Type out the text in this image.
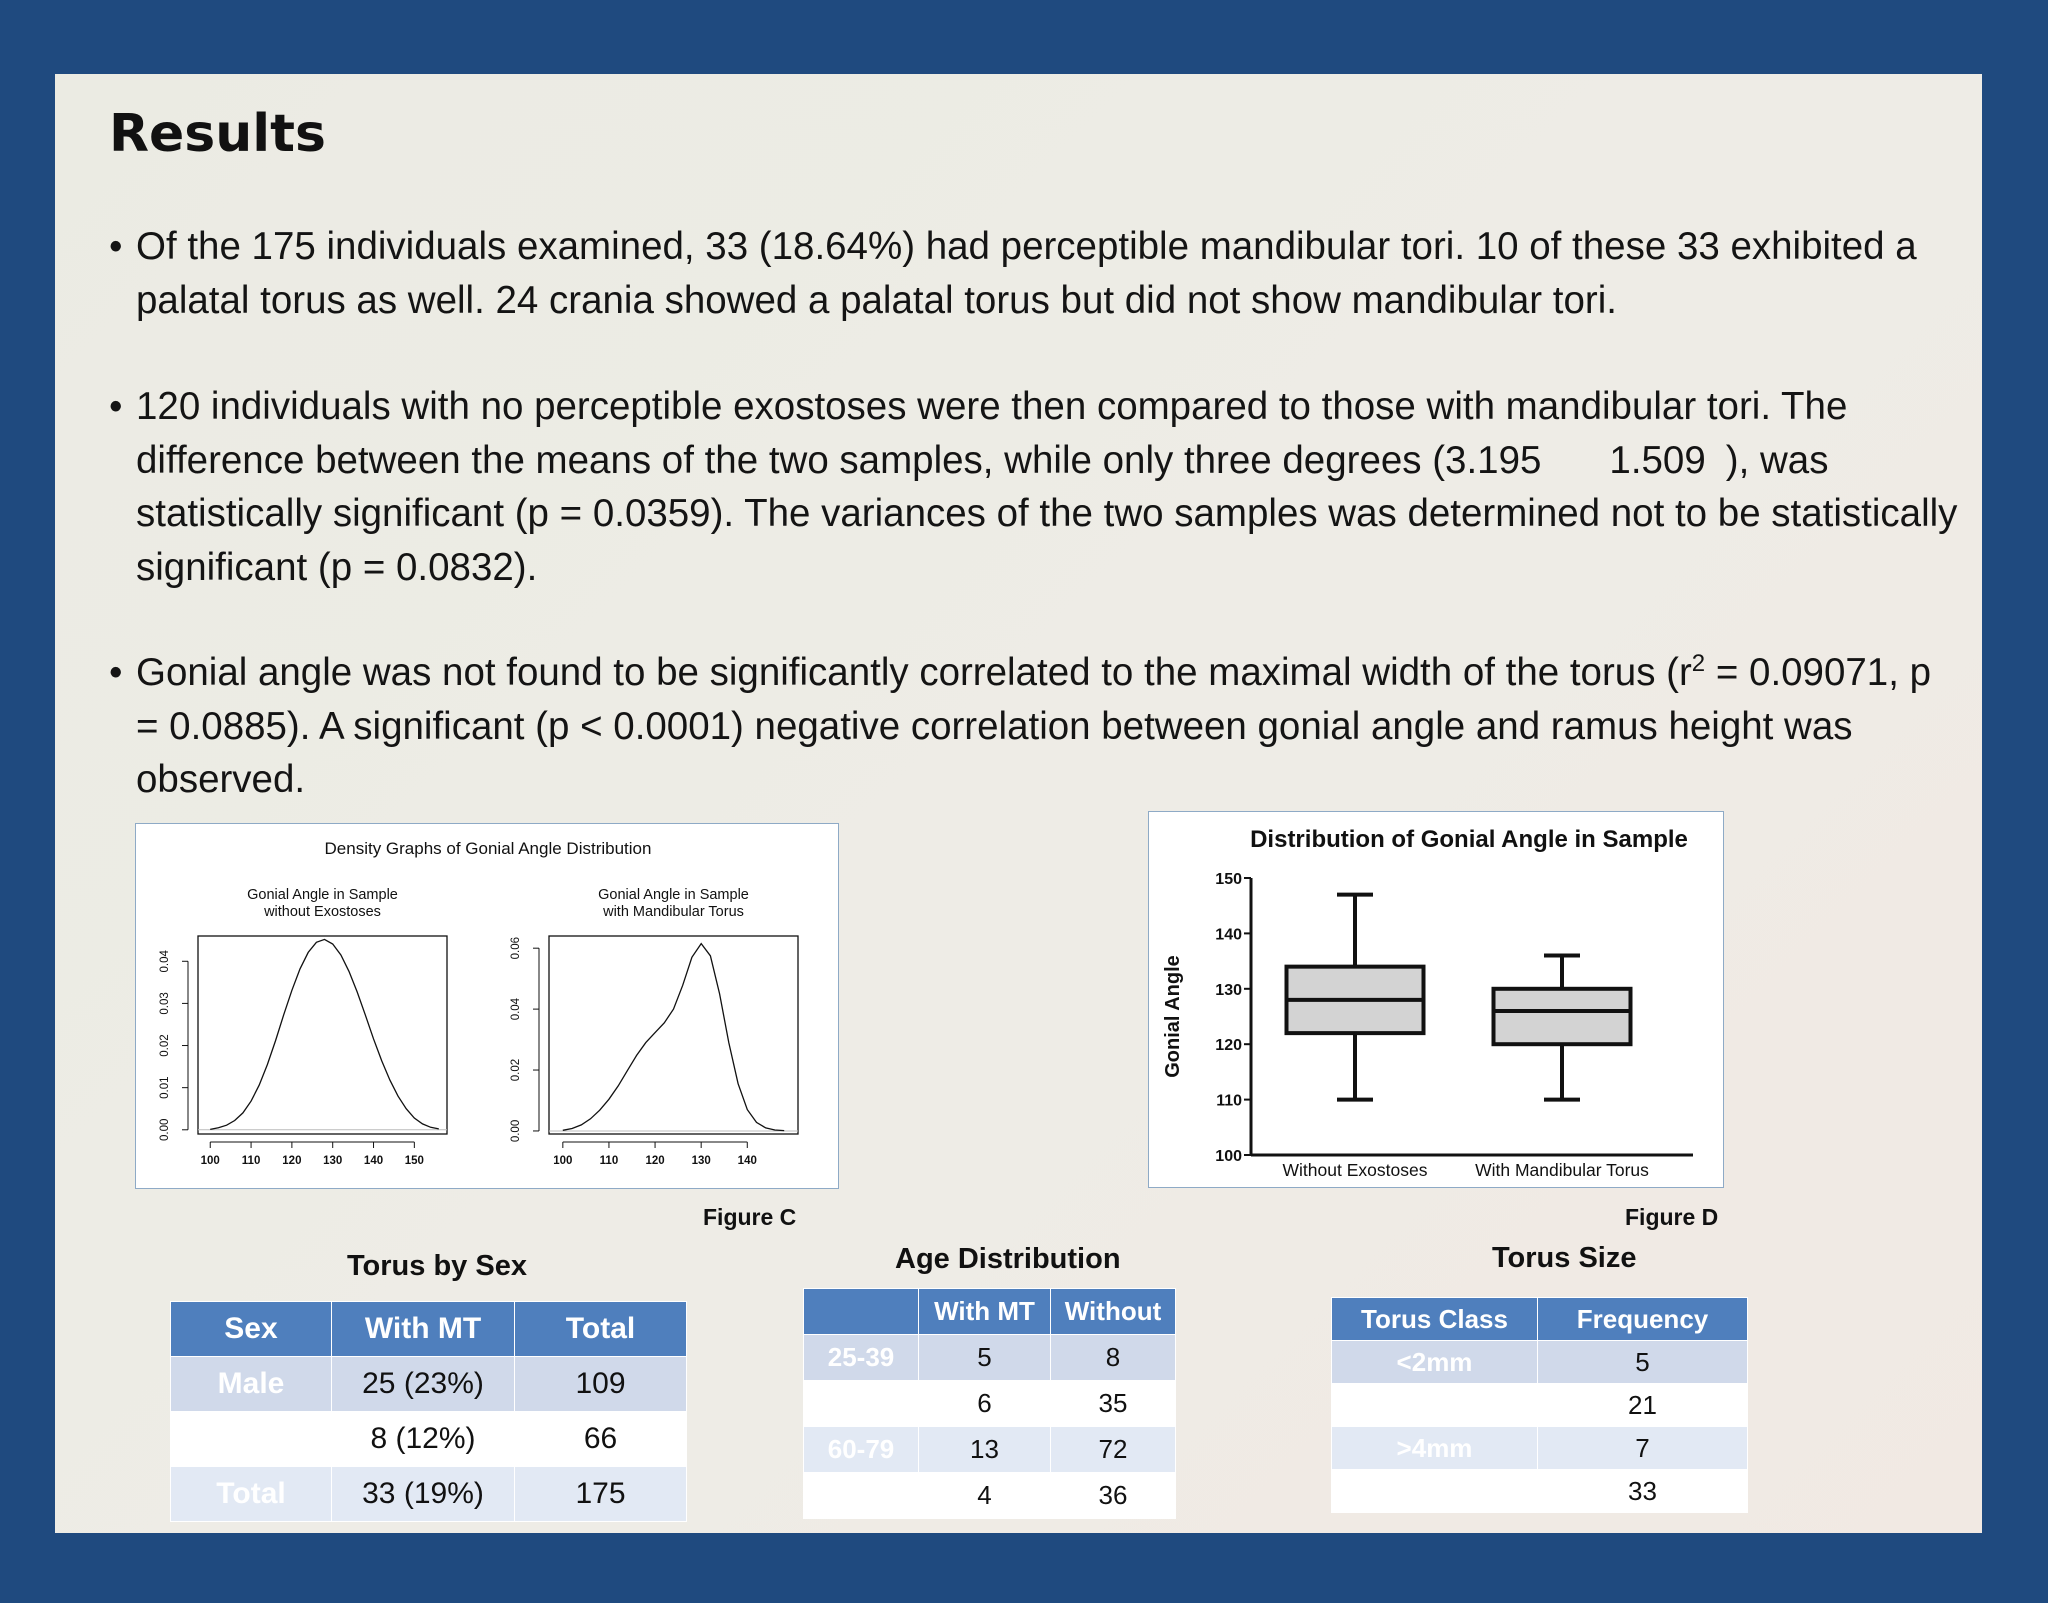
Results
• Of the 175 individuals examined, 33 (18.64%) had perceptible mandibular tori. 10 of these 33 exhibited a palatal torus as well. 24 crania showed a palatal torus but did not show mandibular tori.
• 120 individuals with no perceptible exostoses were then compared to those with mandibular tori. The difference between the means of the two samples, while only three degrees (3.195 1.509 ), was statistically significant (p = 0.0359). The variances of the two samples was determined not to be statistically significant (p = 0.0832).
• Gonial angle was not found to be significantly correlated to the maximal width of the torus ($r^2 = 0.09071$, p = 0.0885). A significant (p < 0.0001) negative correlation between gonial angle and ramus height was observed.
Density Graphs of Gonial Angle Distribution
Gonial Angle in Sample
without Exostoses
100 110 120 130 140 150
0.00
0.01
0.02
0.03
0.04
Gonial Angle in Sample
with Mandibular Torus
100 110 120 130 140
0.00
0.02
0.04
0.06
Figure C
Distribution of Gonial Angle in Sample
Gonial Angle
100
110
120
130
140
150
Without Exostoses	With Mandibular Torus
Figure D
Torus by Sex
Sex	With MT	Total
Male	25 (23%)	109
Female	8 (12%)	66
Total	33 (19%)	175
Age Distribution
	With MT	Without
25-39	5	8
40-59	6	35
60-79	13	72
80-101	4	36
Torus Size
Torus Class	Frequency
<2mm	5
2-4mm	21
>4mm	7
Total	33
